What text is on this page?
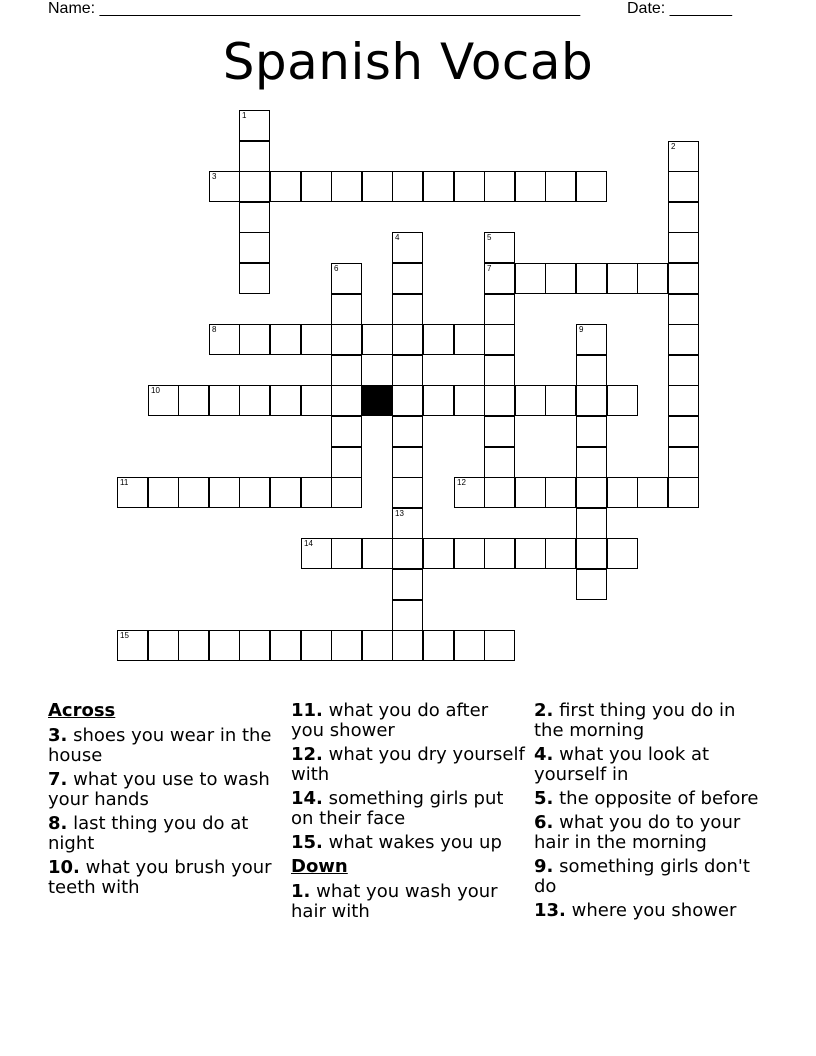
Name: ______________________________________________________	Date: _______
Spanish Vocab
1
2
3
4	5
7
6
8	9
10
11	12
13
14
15
Across
3. shoes you wear in the house
7. what you use to wash your hands
8. last thing you do at night
10. what you brush your teeth with
11. what you do after you shower
12. what you dry yourself with
14. something girls put on their face
15. what wakes you up
Down
1. what you wash your hair with
2. first thing you do in the morning
4. what you look at yourself in
5. the opposite of before
6. what you do to your hair in the morning
9. something girls don't do
13. where you shower
